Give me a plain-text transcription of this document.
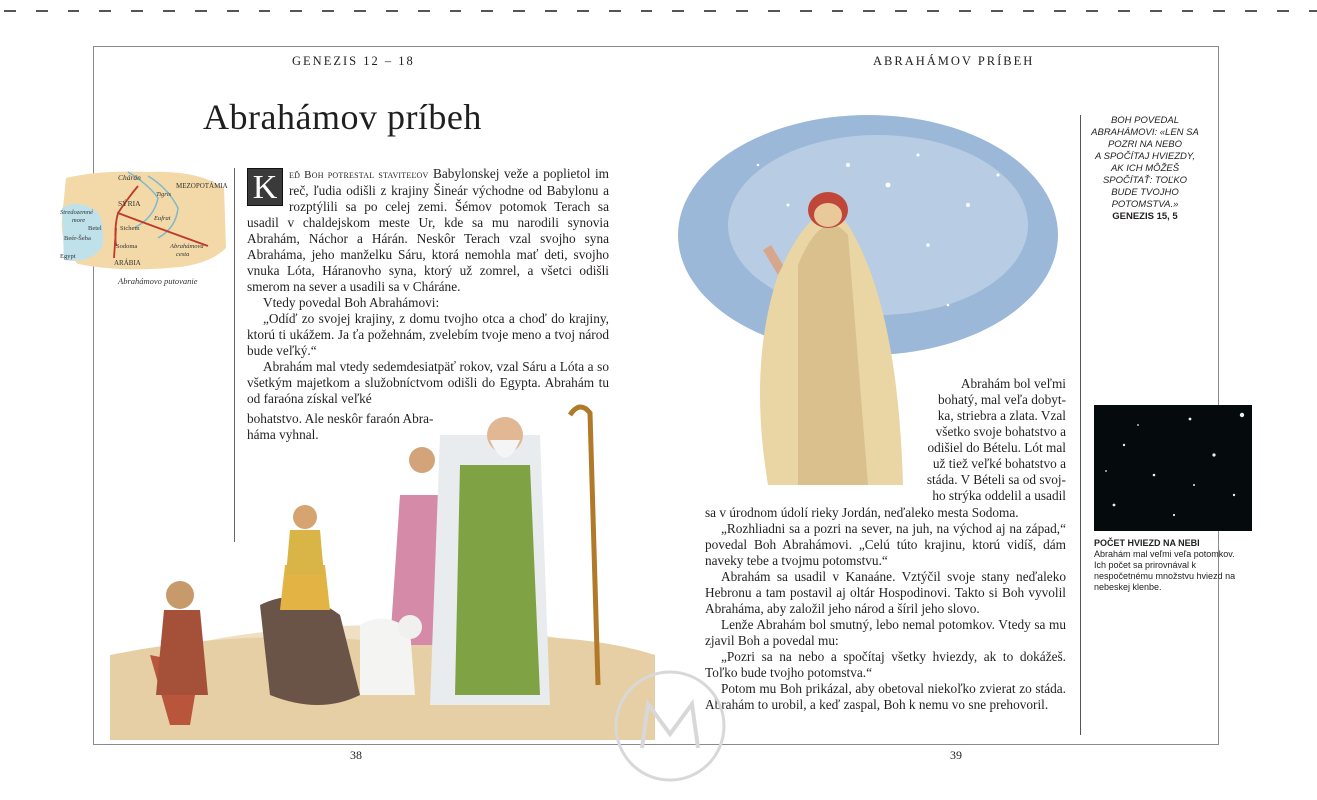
GENEZIS 12 – 18	ABRAHÁMOV PRÍBEH
Abrahámov príbeh
Chárán
MEZOPOTÁMIA
Tigris
SÝRIA
Eufrat
Stredozemné
more
Sichem
Betel
Beér-Šeba
Sodoma	Abrahámova
cesta
Egypt
ARÁBIA
Abrahámovo putovanie

K	eď Boh potrestal staviteľov Babylonskej veže a poplietol im reč, ľudia odišli z krajiny Šineár východne od Babylonu a rozptýlili sa po celej zemi. Šémov potomok Terach sa usadil v chaldejskom meste Ur, kde sa mu narodili synovia Abrahám, Náchor a Hárán. Neskôr Terach vzal svojho syna Abraháma, jeho manželku Sáru, ktorá nemohla mať deti, svojho vnuka Lóta, Háranovho syna, ktorý už zomrel, a všetci odišli smerom na sever a usadili sa v Cháráne.

Vtedy povedal Boh Abrahámovi:

„Odíď zo svojej krajiny, z domu tvojho otca a choď do krajiny, ktorú ti ukážem. Ja ťa požehnám, zvelebím tvoje meno a tvoj národ bude veľký.“

Abrahám mal vtedy sedemdesiatpäť rokov, vzal Sáru a Lóta a so všetkým majetkom a služobníctvom odišli do Egypta. Abrahám tu od faraóna získal veľké

bohatstvo. Ale neskôr faraón Abra-

háma vyhnal.

Abrahám bol veľmi

bohatý, mal veľa dobyt-

ka, striebra a zlata. Vzal

všetko svoje bohatstvo a

odišiel do Bételu. Lót mal

už tiež veľké bohatstvo a

stáda. V Bételi sa od svoj-

ho strýka oddelil a usadil

sa v úrodnom údolí rieky Jordán, neďaleko mesta Sodoma.

„Rozhliadni sa a pozri na sever, na juh, na východ aj na západ,“ povedal Boh Abrahámovi. „Celú túto krajinu, ktorú vidíš, dám naveky tebe a tvojmu potomstvu.“

Abrahám sa usadil v Kanaáne. Vztýčil svoje stany neďaleko Hebronu a tam postavil aj oltár Hospodinovi. Takto si Boh vyvolil Abraháma, aby založil jeho národ a šíril jeho slovo.

Lenže Abrahám bol smutný, lebo nemal potomkov. Vtedy sa mu zjavil Boh a povedal mu:

„Pozri sa na nebo a spočítaj všetky hviezdy, ak to dokážeš. Toľko bude tvojho potomstva.“

Potom mu Boh prikázal, aby obetoval niekoľko zvierat zo stáda. Abrahám to urobil, a keď zaspal, Boh k nemu vo sne prehovoril.

BOH POVEDAL
ABRAHÁMOVI: «LEN SA
POZRI NA NEBO
A SPOČÍTAJ HVIEZDY,
AK ICH MÔŽEŠ
SPOČÍTAŤ: TOĽKO
BUDE TVOJHO
POTOMSTVA.»
GENEZIS 15, 5
POČET HVIEZD NA NEBI
Abrahám mal veľmi veľa potomkov. Ich počet sa prirovnával k nespočetnému množstvu hviezd na nebeskej klenbe.
38	39
